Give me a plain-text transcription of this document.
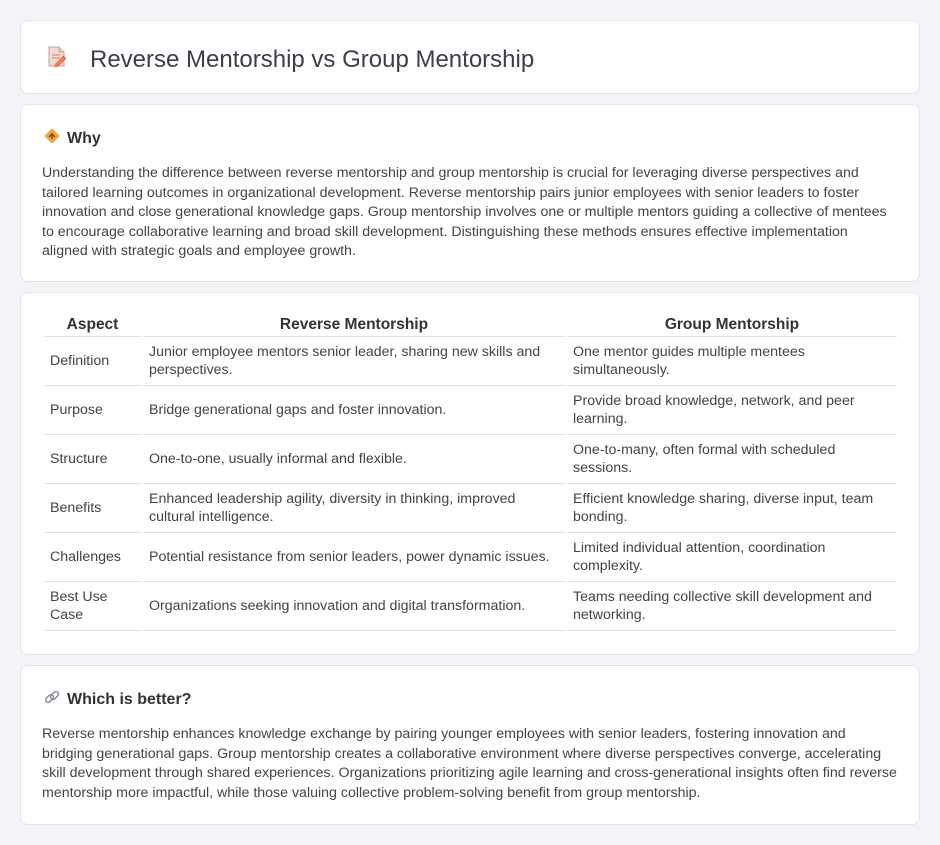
Reverse Mentorship vs Group Mentorship
Why

Understanding the difference between reverse mentorship and group mentorship is crucial for leveraging diverse perspectives and tailored learning outcomes in organizational development. Reverse mentorship pairs junior employees with senior leaders to foster innovation and close generational knowledge gaps. Group mentorship involves one or multiple mentors guiding a collective of mentees to encourage collaborative learning and broad skill development. Distinguishing these methods ensures effective implementation aligned with strategic goals and employee growth.

Aspect	Reverse Mentorship	Group Mentorship
Definition	Junior employee mentors senior leader, sharing new skills and perspectives.	One mentor guides multiple mentees simultaneously.
Purpose	Bridge generational gaps and foster innovation.	Provide broad knowledge, network, and peer learning.
Structure	One-to-one, usually informal and flexible.	One-to-many, often formal with scheduled sessions.
Benefits	Enhanced leadership agility, diversity in thinking, improved cultural intelligence.	Efficient knowledge sharing, diverse input, team bonding.
Challenges	Potential resistance from senior leaders, power dynamic issues.	Limited individual attention, coordination complexity.
Best Use Case	Organizations seeking innovation and digital transformation.	Teams needing collective skill development and networking.
Which is better?

Reverse mentorship enhances knowledge exchange by pairing younger employees with senior leaders, fostering innovation and bridging generational gaps. Group mentorship creates a collaborative environment where diverse perspectives converge, accelerating skill development through shared experiences. Organizations prioritizing agile learning and cross-generational insights often find reverse mentorship more impactful, while those valuing collective problem-solving benefit from group mentorship.
